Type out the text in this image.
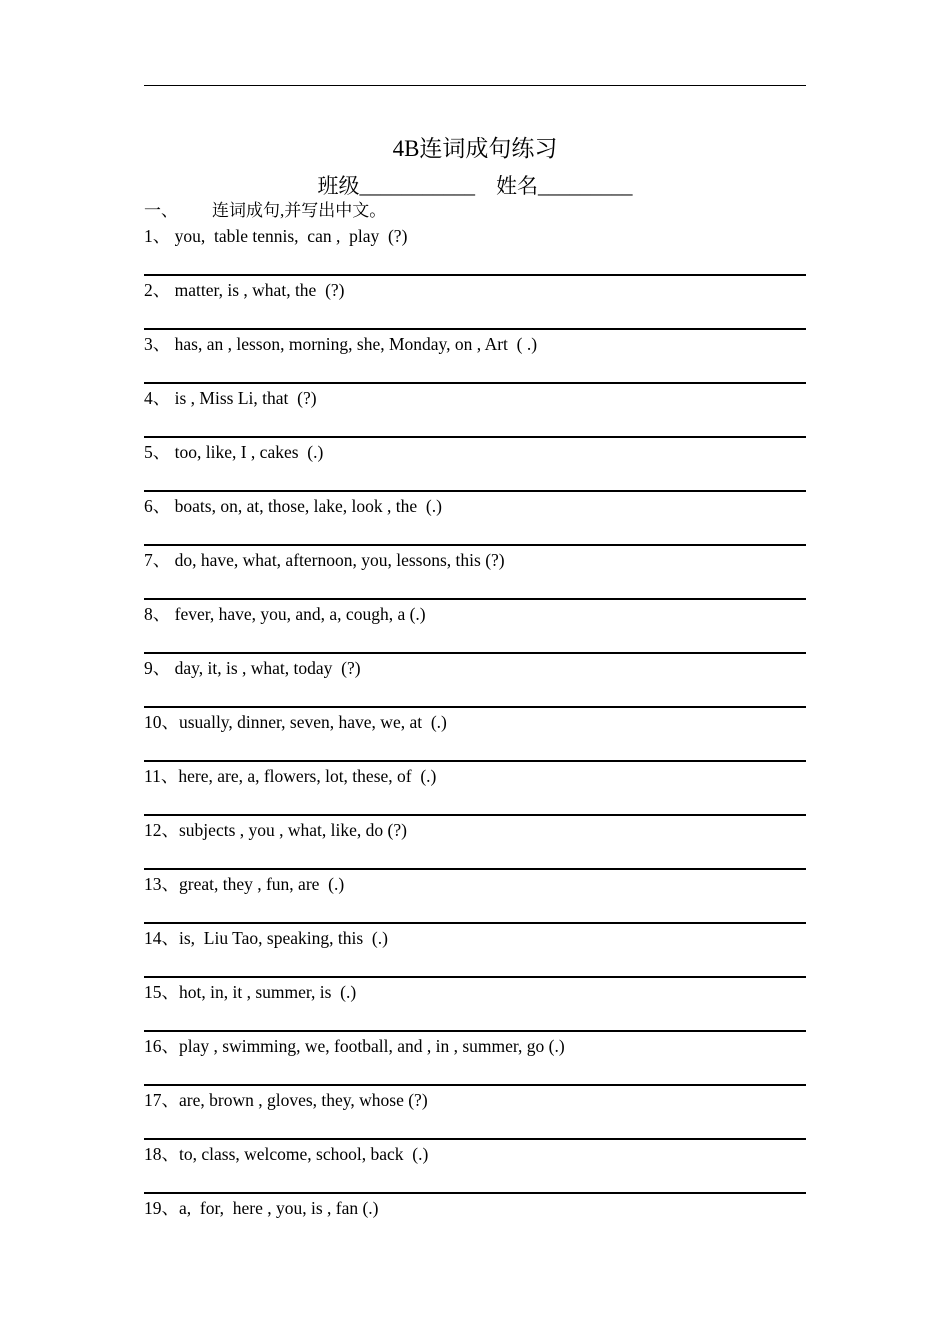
4B连词成句练习
班级___________ 姓名_________
一、 连词成句,并写出中文。
1、 you,  table tennis,  can ,  play  (?)
2、 matter, is , what, the  (?)
3、 has, an , lesson, morning, she, Monday, on , Art  ( .)
4、 is , Miss Li, that  (?)
5、 too, like, I , cakes  (.)
6、 boats, on, at, those, lake, look , the  (.)
7、 do, have, what, afternoon, you, lessons, this (?)
8、 fever, have, you, and, a, cough, a (.)
9、 day, it, is , what, today  (?)
10、usually, dinner, seven, have, we, at  (.)
11、here, are, a, flowers, lot, these, of  (.)
12、subjects , you , what, like, do (?)
13、great, they , fun, are  (.)
14、is,  Liu Tao, speaking, this  (.)
15、hot, in, it , summer, is  (.)
16、play , swimming, we, football, and , in , summer, go (.)
17、are, brown , gloves, they, whose (?)
18、to, class, welcome, school, back  (.)
19、a,  for,  here , you, is , fan (.)
